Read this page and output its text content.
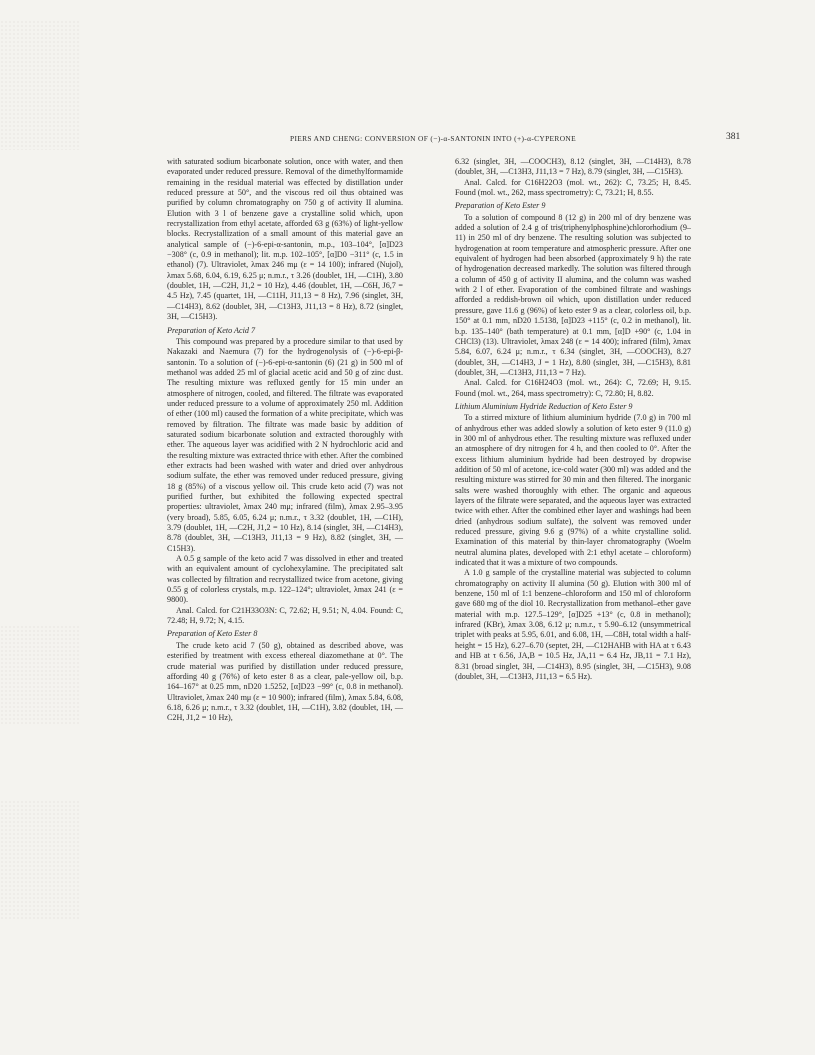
PIERS AND CHENG: CONVERSION OF (−)-α-SANTONIN INTO (+)-α-CYPERONE	381

with saturated sodium bicarbonate solution, once with water, and then evaporated under reduced pressure. Removal of the dimethylformamide remaining in the residual material was effected by distillation under reduced pressure at 50°, and the viscous red oil thus obtained was purified by column chromatography on 750 g of activity II alumina. Elution with 3 l of benzene gave a crystalline solid which, upon recrystallization from ethyl acetate, afforded 63 g (63%) of light-yellow blocks. Recrystallization of a small amount of this material gave an analytical sample of (−)-6-epi-α-santonin, m.p., 103–104°, [α]D23 −308° (c, 0.9 in methanol); lit. m.p. 102–105°, [α]D0 −311° (c, 1.5 in ethanol) (7). Ultraviolet, λmax 246 mμ (ε = 14 100); infrared (Nujol), λmax 5.68, 6.04, 6.19, 6.25 μ; n.m.r., τ 3.26 (doublet, 1H, —C1H), 3.80 (doublet, 1H, —C2H, J1,2 = 10 Hz), 4.46 (doublet, 1H, —C6H, J6,7 = 4.5 Hz), 7.45 (quartet, 1H, —C11H, J11,13 = 8 Hz), 7.96 (singlet, 3H, —C14H3), 8.62 (doublet, 3H, —C13H3, J11,13 = 8 Hz), 8.72 (singlet, 3H, —C15H3).

Preparation of Keto Acid 7

This compound was prepared by a procedure similar to that used by Nakazaki and Naemura (7) for the hydrogenolysis of (−)-6-epi-β-santonin. To a solution of (−)-6-epi-α-santonin (6) (21 g) in 500 ml of methanol was added 25 ml of glacial acetic acid and 50 g of zinc dust. The resulting mixture was refluxed gently for 15 min under an atmosphere of nitrogen, cooled, and filtered. The filtrate was evaporated under reduced pressure to a volume of approximately 250 ml. Addition of ether (100 ml) caused the formation of a white precipitate, which was removed by filtration. The filtrate was made basic by addition of saturated sodium bicarbonate solution and extracted thoroughly with ether. The aqueous layer was acidified with 2 N hydrochloric acid and the resulting mixture was extracted thrice with ether. After the combined ether extracts had been washed with water and dried over anhydrous sodium sulfate, the ether was removed under reduced pressure, giving 18 g (85%) of a viscous yellow oil. This crude keto acid (7) was not purified further, but exhibited the following expected spectral properties: ultraviolet, λmax 240 mμ; infrared (film), λmax 2.95–3.95 (very broad), 5.85, 6.05, 6.24 μ; n.m.r., τ 3.32 (doublet, 1H, —C1H), 3.79 (doublet, 1H, —C2H, J1,2 = 10 Hz), 8.14 (singlet, 3H, —C14H3), 8.78 (doublet, 3H, —C13H3, J11,13 = 9 Hz), 8.82 (singlet, 3H, —C15H3).

A 0.5 g sample of the keto acid 7 was dissolved in ether and treated with an equivalent amount of cyclohexylamine. The precipitated salt was collected by filtration and recrystallized twice from acetone, giving 0.55 g of colorless crystals, m.p. 122–124°; ultraviolet, λmax 241 (ε = 9800).

Anal. Calcd. for C21H33O3N: C, 72.62; H, 9.51; N, 4.04. Found: C, 72.48; H, 9.72; N, 4.15.

Preparation of Keto Ester 8

The crude keto acid 7 (50 g), obtained as described above, was esterified by treatment with excess ethereal diazomethane at 0°. The crude material was purified by distillation under reduced pressure, affording 40 g (76%) of keto ester 8 as a clear, pale-yellow oil, b.p. 164–167° at 0.25 mm, nD20 1.5252, [α]D23 −99° (c, 0.8 in methanol). Ultraviolet, λmax 240 mμ (ε = 10 900); infrared (film), λmax 5.84, 6.08, 6.18, 6.26 μ; n.m.r., τ 3.32 (doublet, 1H, —C1H), 3.82 (doublet, 1H, —C2H, J1,2 = 10 Hz),

6.32 (singlet, 3H, —COOCH3), 8.12 (singlet, 3H, —C14H3), 8.78 (doublet, 3H, —C13H3, J11,13 = 7 Hz), 8.79 (singlet, 3H, —C15H3).

Anal. Calcd. for C16H22O3 (mol. wt., 262): C, 73.25; H, 8.45. Found (mol. wt., 262, mass spectrometry): C, 73.21; H, 8.55.

Preparation of Keto Ester 9

To a solution of compound 8 (12 g) in 200 ml of dry benzene was added a solution of 2.4 g of tris(triphenylphosphine)chlororhodium (9–11) in 250 ml of dry benzene. The resulting solution was subjected to hydrogenation at room temperature and atmospheric pressure. After one equivalent of hydrogen had been absorbed (approximately 9 h) the rate of hydrogenation decreased markedly. The solution was filtered through a column of 450 g of activity II alumina, and the column was washed with 2 l of ether. Evaporation of the combined filtrate and washings afforded a reddish-brown oil which, upon distillation under reduced pressure, gave 11.6 g (96%) of keto ester 9 as a clear, colorless oil, b.p. 150° at 0.1 mm, nD20 1.5138, [α]D23 +115° (c, 0.2 in methanol), lit. b.p. 135–140° (bath temperature) at 0.1 mm, [α]D +90° (c, 1.04 in CHCl3) (13). Ultraviolet, λmax 248 (ε = 14 400); infrared (film), λmax 5.84, 6.07, 6.24 μ; n.m.r., τ 6.34 (singlet, 3H, —COOCH3), 8.27 (doublet, 3H, —C14H3, J = 1 Hz), 8.80 (singlet, 3H, —C15H3), 8.81 (doublet, 3H, —C13H3, J11,13 = 7 Hz).

Anal. Calcd. for C16H24O3 (mol. wt., 264): C, 72.69; H, 9.15. Found (mol. wt., 264, mass spectrometry): C, 72.80; H, 8.82.

Lithium Aluminium Hydride Reduction of Keto Ester 9

To a stirred mixture of lithium aluminium hydride (7.0 g) in 700 ml of anhydrous ether was added slowly a solution of keto ester 9 (11.0 g) in 300 ml of anhydrous ether. The resulting mixture was refluxed under an atmosphere of dry nitrogen for 4 h, and then cooled to 0°. After the excess lithium aluminium hydride had been destroyed by dropwise addition of 50 ml of acetone, ice-cold water (300 ml) was added and the resulting mixture was stirred for 30 min and then filtered. The inorganic salts were washed thoroughly with ether. The organic and aqueous layers of the filtrate were separated, and the aqueous layer was extracted twice with ether. After the combined ether layer and washings had been dried (anhydrous sodium sulfate), the solvent was removed under reduced pressure, giving 9.6 g (97%) of a white crystalline solid. Examination of this material by thin-layer chromatography (Woelm neutral alumina plates, developed with 2:1 ethyl acetate – chloroform) indicated that it was a mixture of two compounds.

A 1.0 g sample of the crystalline material was subjected to column chromatography on activity II alumina (50 g). Elution with 300 ml of benzene, 150 ml of 1:1 benzene–chloroform and 150 ml of chloroform gave 680 mg of the diol 10. Recrystallization from methanol–ether gave material with m.p. 127.5–129°, [α]D25 +13° (c, 0.8 in methanol); infrared (KBr), λmax 3.08, 6.12 μ; n.m.r., τ 5.90–6.12 (unsymmetrical triplet with peaks at 5.95, 6.01, and 6.08, 1H, —C8H, total width a half-height = 15 Hz), 6.27–6.70 (septet, 2H, —C12HAHB with HA at τ 6.43 and HB at τ 6.56, JA,B = 10.5 Hz, JA,11 = 6.4 Hz, JB,11 = 7.1 Hz), 8.31 (broad singlet, 3H, —C14H3), 8.95 (singlet, 3H, —C15H3), 9.08 (doublet, 3H, —C13H3, J11,13 = 6.5 Hz).
